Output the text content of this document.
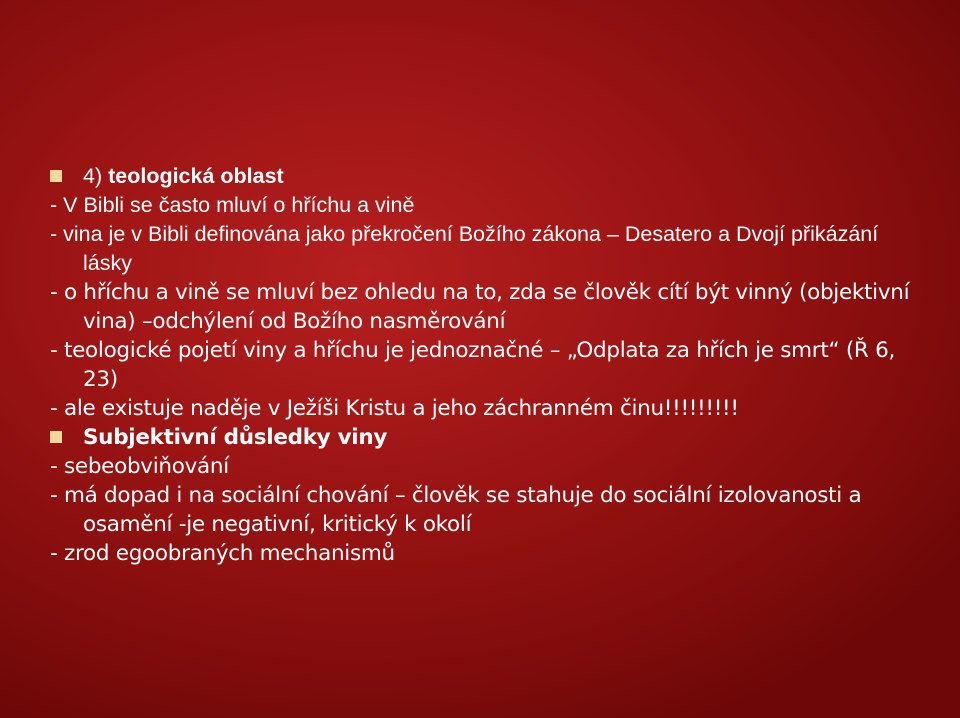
4) teologická oblast
- V Bibli se často mluví o hříchu a vině
- vina je v Bibli definována jako překročení Božího zákona – Desatero a Dvojí přikázání lásky
- o hříchu a vině se mluví bez ohledu na to, zda se člověk cítí být vinný (objektivní vina) –odchýlení od Božího nasměrování
- teologické pojetí viny a hříchu je jednoznačné – „Odplata za hřích je smrt“ (Ř 6, 23)
- ale existuje naděje v Ježíši Kristu a jeho záchranném činu!!!!!!!!!
Subjektivní důsledky viny
- sebeobviňování
- má dopad i na sociální chování – člověk se stahuje do sociální izolovanosti a osamění -je negativní, kritický k okolí
- zrod egoobraných mechanismů
